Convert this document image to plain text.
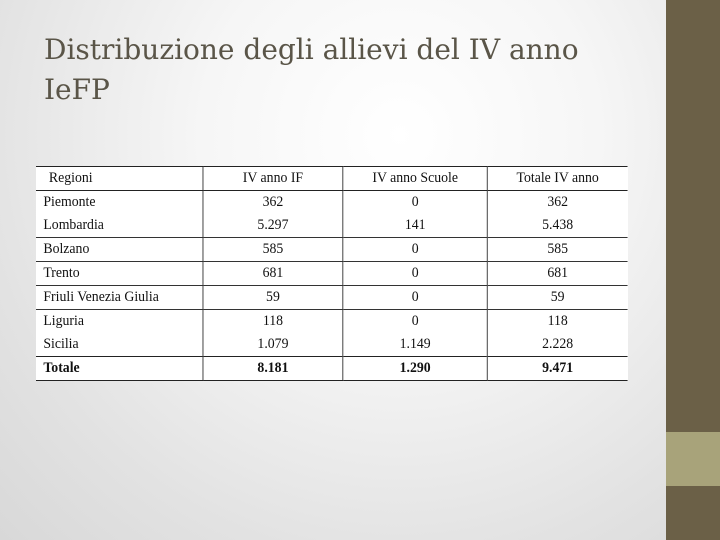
Distribuzione degli allievi del IV anno IeFP
Regioni	IV anno IF	IV anno Scuole	Totale IV anno
Piemonte	362	0	362
Lombardia	5.297	141	5.438
Bolzano	585	0	585
Trento	681	0	681
Friuli Venezia Giulia	59	0	59
Liguria	118	0	118
Sicilia	1.079	1.149	2.228
Totale	8.181	1.290	9.471
